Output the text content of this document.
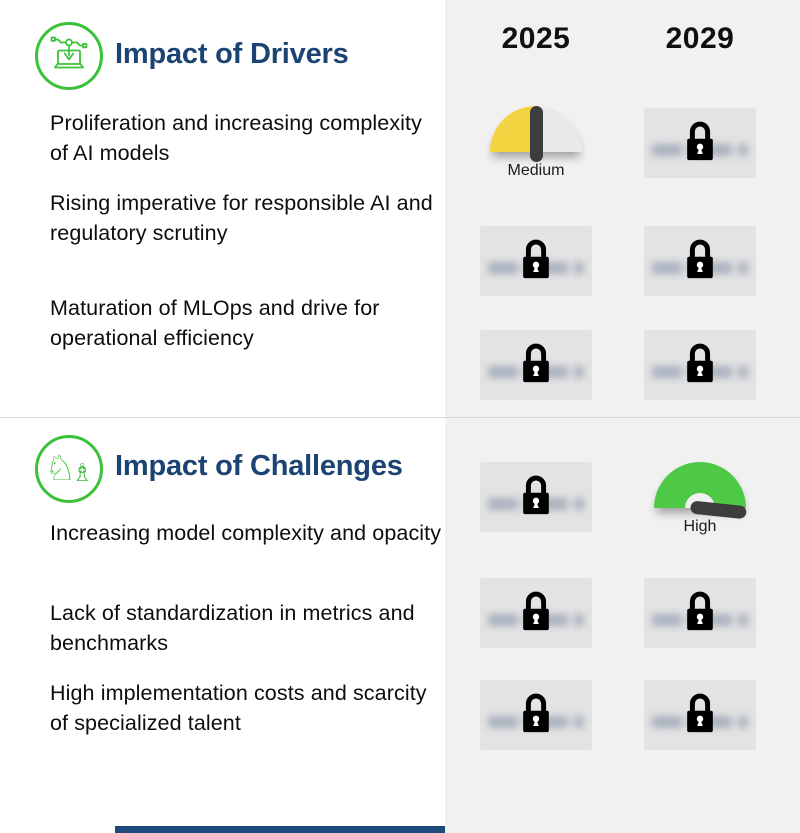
2025	2029
Impact of Drivers
Proliferation and increasing complexity of AI models
Rising imperative for responsible AI and regulatory scrutiny
Maturation of MLOps and drive for operational efficiency
Medium
♘
♗ Impact of Challenges
Increasing model complexity and opacity
Lack of standardization in metrics and benchmarks
High implementation costs and scarcity of specialized talent
High
